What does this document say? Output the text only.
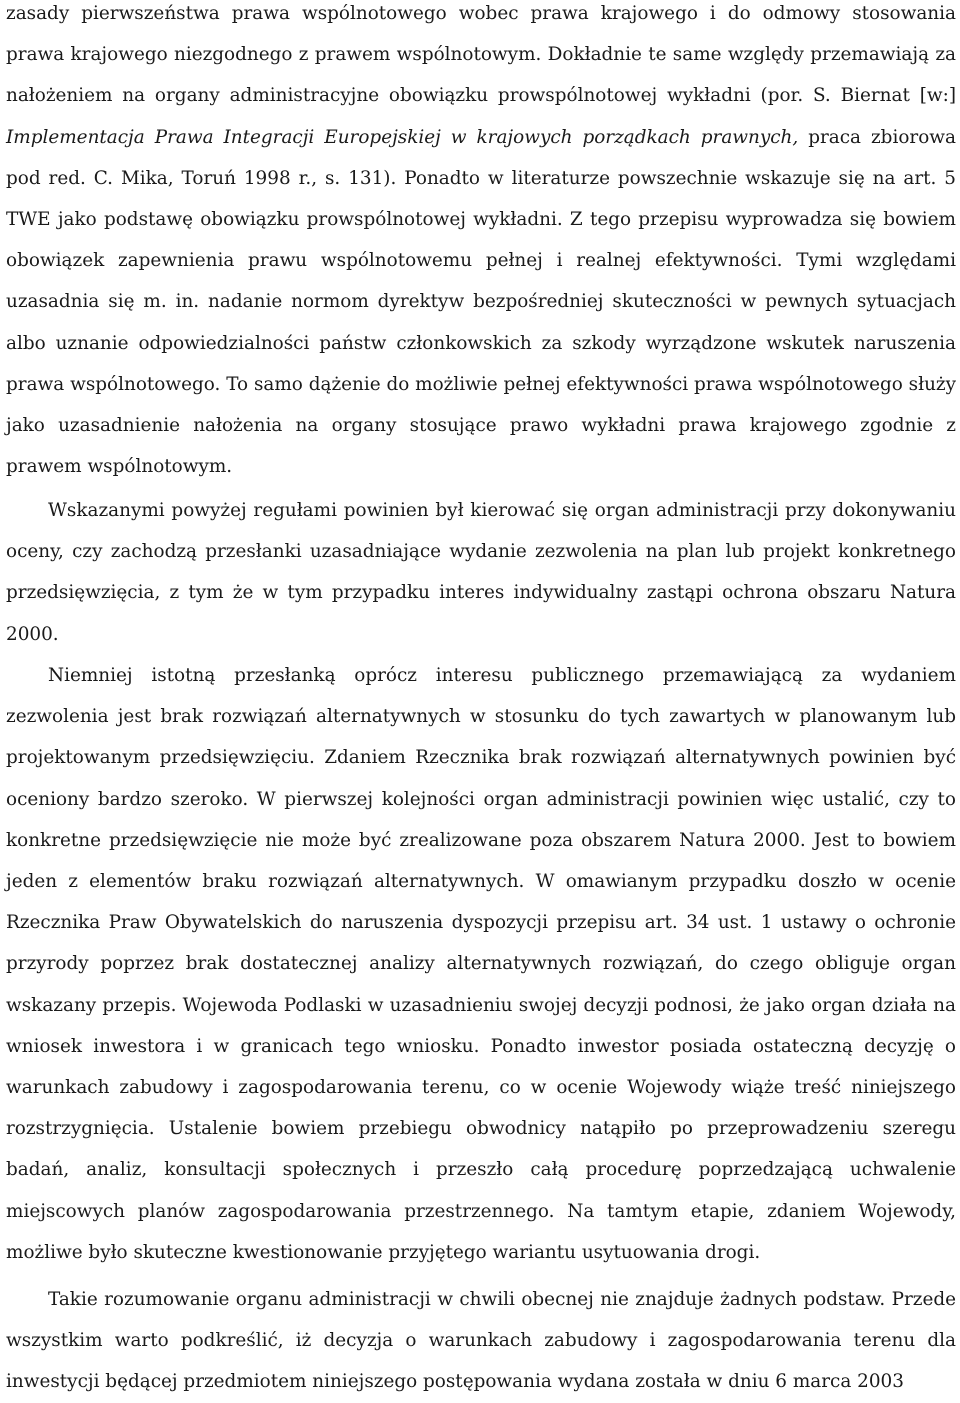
zasady pierwszeństwa prawa wspólnotowego wobec prawa krajowego i do odmowy stosowania prawa krajowego niezgodnego z prawem wspólnotowym. Dokładnie te same względy przemawiają za nałożeniem na organy administracyjne obowiązku prowspólnotowej wykładni (por. S. Biernat [w:] Implementacja Prawa Integracji Europejskiej w krajowych porządkach prawnych, praca zbiorowa pod red. C. Mika, Toruń 1998 r., s. 131). Ponadto w literaturze powszechnie wskazuje się na art. 5 TWE jako podstawę obowiązku prowspólnotowej wykładni. Z tego przepisu wyprowadza się bowiem obowiązek zapewnienia prawu wspólnotowemu pełnej i realnej efektywności. Tymi względami uzasadnia się m. in. nadanie normom dyrektyw bezpośredniej skuteczności w pewnych sytuacjach albo uznanie odpowiedzialności państw członkowskich za szkody wyrządzone wskutek naruszenia prawa wspólnotowego. To samo dążenie do możliwie pełnej efektywności prawa wspólnotowego służy jako uzasadnienie nałożenia na organy stosujące prawo wykładni prawa krajowego zgodnie z prawem wspólnotowym.

Wskazanymi powyżej regułami powinien był kierować się organ administracji przy dokonywaniu oceny, czy zachodzą przesłanki uzasadniające wydanie zezwolenia na plan lub projekt konkretnego przedsięwzięcia, z tym że w tym przypadku interes indywidualny zastąpi ochrona obszaru Natura 2000.

Niemniej istotną przesłanką oprócz interesu publicznego przemawiającą za wydaniem zezwolenia jest brak rozwiązań alternatywnych w stosunku do tych zawartych w planowanym lub projektowanym przedsięwzięciu. Zdaniem Rzecznika brak rozwiązań alternatywnych powinien być oceniony bardzo szeroko. W pierwszej kolejności organ administracji powinien więc ustalić, czy to konkretne przedsięwzięcie nie może być zrealizowane poza obszarem Natura 2000. Jest to bowiem jeden z elementów braku rozwiązań alternatywnych. W omawianym przypadku doszło w ocenie Rzecznika Praw Obywatelskich do naruszenia dyspozycji przepisu art. 34 ust. 1 ustawy o ochronie przyrody poprzez brak dostatecznej analizy alternatywnych rozwiązań, do czego obliguje organ wskazany przepis. Wojewoda Podlaski w uzasadnieniu swojej decyzji podnosi, że jako organ działa na wniosek inwestora i w granicach tego wniosku. Ponadto inwestor posiada ostateczną decyzję o warunkach zabudowy i zagospodarowania terenu, co w ocenie Wojewody wiąże treść niniejszego rozstrzygnięcia. Ustalenie bowiem przebiegu obwodnicy natąpiło po przeprowadzeniu szeregu badań, analiz, konsultacji społecznych i przeszło całą procedurę poprzedzającą uchwalenie miejscowych planów zagospodarowania przestrzennego. Na tamtym etapie, zdaniem Wojewody, możliwe było skuteczne kwestionowanie przyjętego wariantu usytuowania drogi.

Takie rozumowanie organu administracji w chwili obecnej nie znajduje żadnych podstaw. Przede wszystkim warto podkreślić, iż decyzja o warunkach zabudowy i zagospodarowania terenu dla inwestycji będącej przedmiotem niniejszego postępowania wydana została w dniu 6 marca 2003
